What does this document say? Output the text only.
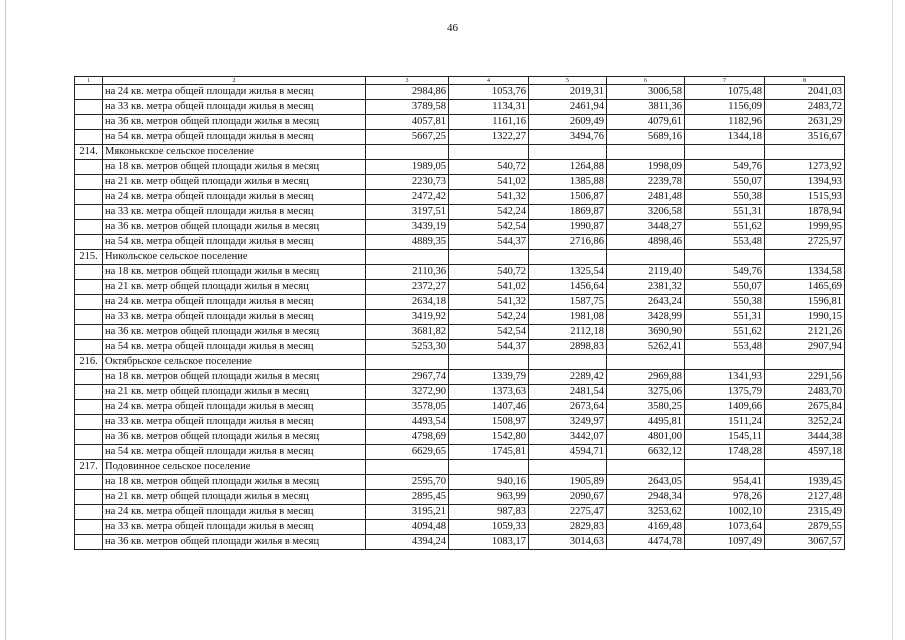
46
1	2	3	4	5	6	7	8
	на 24 кв. метра общей площади жилья в месяц	2984,86	1053,76	2019,31	3006,58	1075,48	2041,03
	на 33 кв. метра общей площади жилья в месяц	3789,58	1134,31	2461,94	3811,36	1156,09	2483,72
	на 36 кв. метров общей площади жилья в месяц	4057,81	1161,16	2609,49	4079,61	1182,96	2631,29
	на 54 кв. метра общей площади жилья в месяц	5667,25	1322,27	3494,76	5689,16	1344,18	3516,67
214.	Мяконькское сельское поселение						
	на 18 кв. метров общей площади жилья в месяц	1989,05	540,72	1264,88	1998,09	549,76	1273,92
	на 21 кв. метр общей площади жилья в месяц	2230,73	541,02	1385,88	2239,78	550,07	1394,93
	на 24 кв. метра общей площади жилья в месяц	2472,42	541,32	1506,87	2481,48	550,38	1515,93
	на 33 кв. метра общей площади жилья в месяц	3197,51	542,24	1869,87	3206,58	551,31	1878,94
	на 36 кв. метров общей площади жилья в месяц	3439,19	542,54	1990,87	3448,27	551,62	1999,95
	на 54 кв. метра общей площади жилья в месяц	4889,35	544,37	2716,86	4898,46	553,48	2725,97
215.	Никольское сельское поселение						
	на 18 кв. метров общей площади жилья в месяц	2110,36	540,72	1325,54	2119,40	549,76	1334,58
	на 21 кв. метр общей площади жилья в месяц	2372,27	541,02	1456,64	2381,32	550,07	1465,69
	на 24 кв. метра общей площади жилья в месяц	2634,18	541,32	1587,75	2643,24	550,38	1596,81
	на 33 кв. метра общей площади жилья в месяц	3419,92	542,24	1981,08	3428,99	551,31	1990,15
	на 36 кв. метров общей площади жилья в месяц	3681,82	542,54	2112,18	3690,90	551,62	2121,26
	на 54 кв. метра общей площади жилья в месяц	5253,30	544,37	2898,83	5262,41	553,48	2907,94
216.	Октябрьское сельское поселение						
	на 18 кв. метров общей площади жилья в месяц	2967,74	1339,79	2289,42	2969,88	1341,93	2291,56
	на 21 кв. метр общей площади жилья в месяц	3272,90	1373,63	2481,54	3275,06	1375,79	2483,70
	на 24 кв. метра общей площади жилья в месяц	3578,05	1407,46	2673,64	3580,25	1409,66	2675,84
	на 33 кв. метра общей площади жилья в месяц	4493,54	1508,97	3249,97	4495,81	1511,24	3252,24
	на 36 кв. метров общей площади жилья в месяц	4798,69	1542,80	3442,07	4801,00	1545,11	3444,38
	на 54 кв. метра общей площади жилья в месяц	6629,65	1745,81	4594,71	6632,12	1748,28	4597,18
217.	Подовинное сельское поселение						
	на 18 кв. метров общей площади жилья в месяц	2595,70	940,16	1905,89	2643,05	954,41	1939,45
	на 21 кв. метр общей площади жилья в месяц	2895,45	963,99	2090,67	2948,34	978,26	2127,48
	на 24 кв. метра общей площади жилья в месяц	3195,21	987,83	2275,47	3253,62	1002,10	2315,49
	на 33 кв. метра общей площади жилья в месяц	4094,48	1059,33	2829,83	4169,48	1073,64	2879,55
	на 36 кв. метров общей площади жилья в месяц	4394,24	1083,17	3014,63	4474,78	1097,49	3067,57
